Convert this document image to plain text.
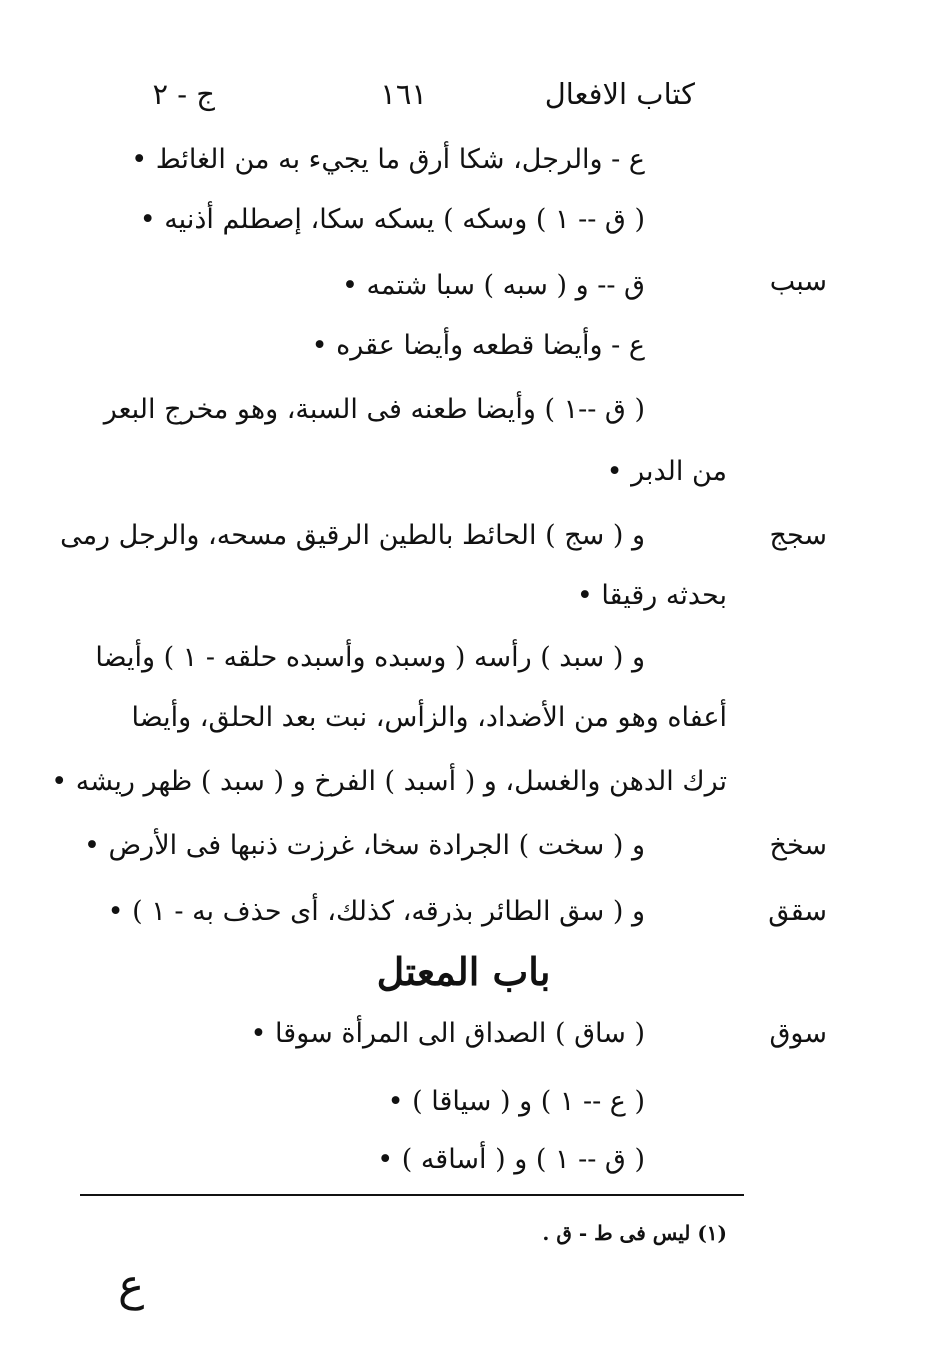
كتاب الافعال
١٦١
ج - ٢
ع - والرجل، شكا أرق ما يجيء به من الغائط •
( ق -- ١ ) وسكه ) يسكه سكا، إصطلم أذنيه •
سبب
ق -- و ( سبه ) سبا شتمه •
ع - وأيضا قطعه وأيضا عقره •
( ق --١ ) وأيضا طعنه فى السبة، وهو مخرج البعر
من الدبر •
سجج
و ( سج ) الحائط بالطين الرقيق مسحه، والرجل رمى
بحدثه رقيقا •
و ( سبد ) رأسه ( وسبده وأسبده حلقه - ١ ) وأيضا
أعفاه وهو من الأضداد، والزأس، نبت بعد الحلق، وأيضا
ترك الدهن والغسل، و ( أسبد ) الفرخ و ( سبد ) ظهر ريشه •
سخخ
و ( سخت ) الجرادة سخا، غرزت ذنبها فى الأرض •
سقق
و ( سق الطائر بذرقه، كذلك، أى حذف به - ١ ) •
باب المعتل
سوق
( ساق ) الصداق الى المرأة سوقا •
( ع -- ١ ) و ( سياقا ) •
( ق -- ١ ) و ( أساقه ) •
(١) ليس فى ط - ق .
ع
